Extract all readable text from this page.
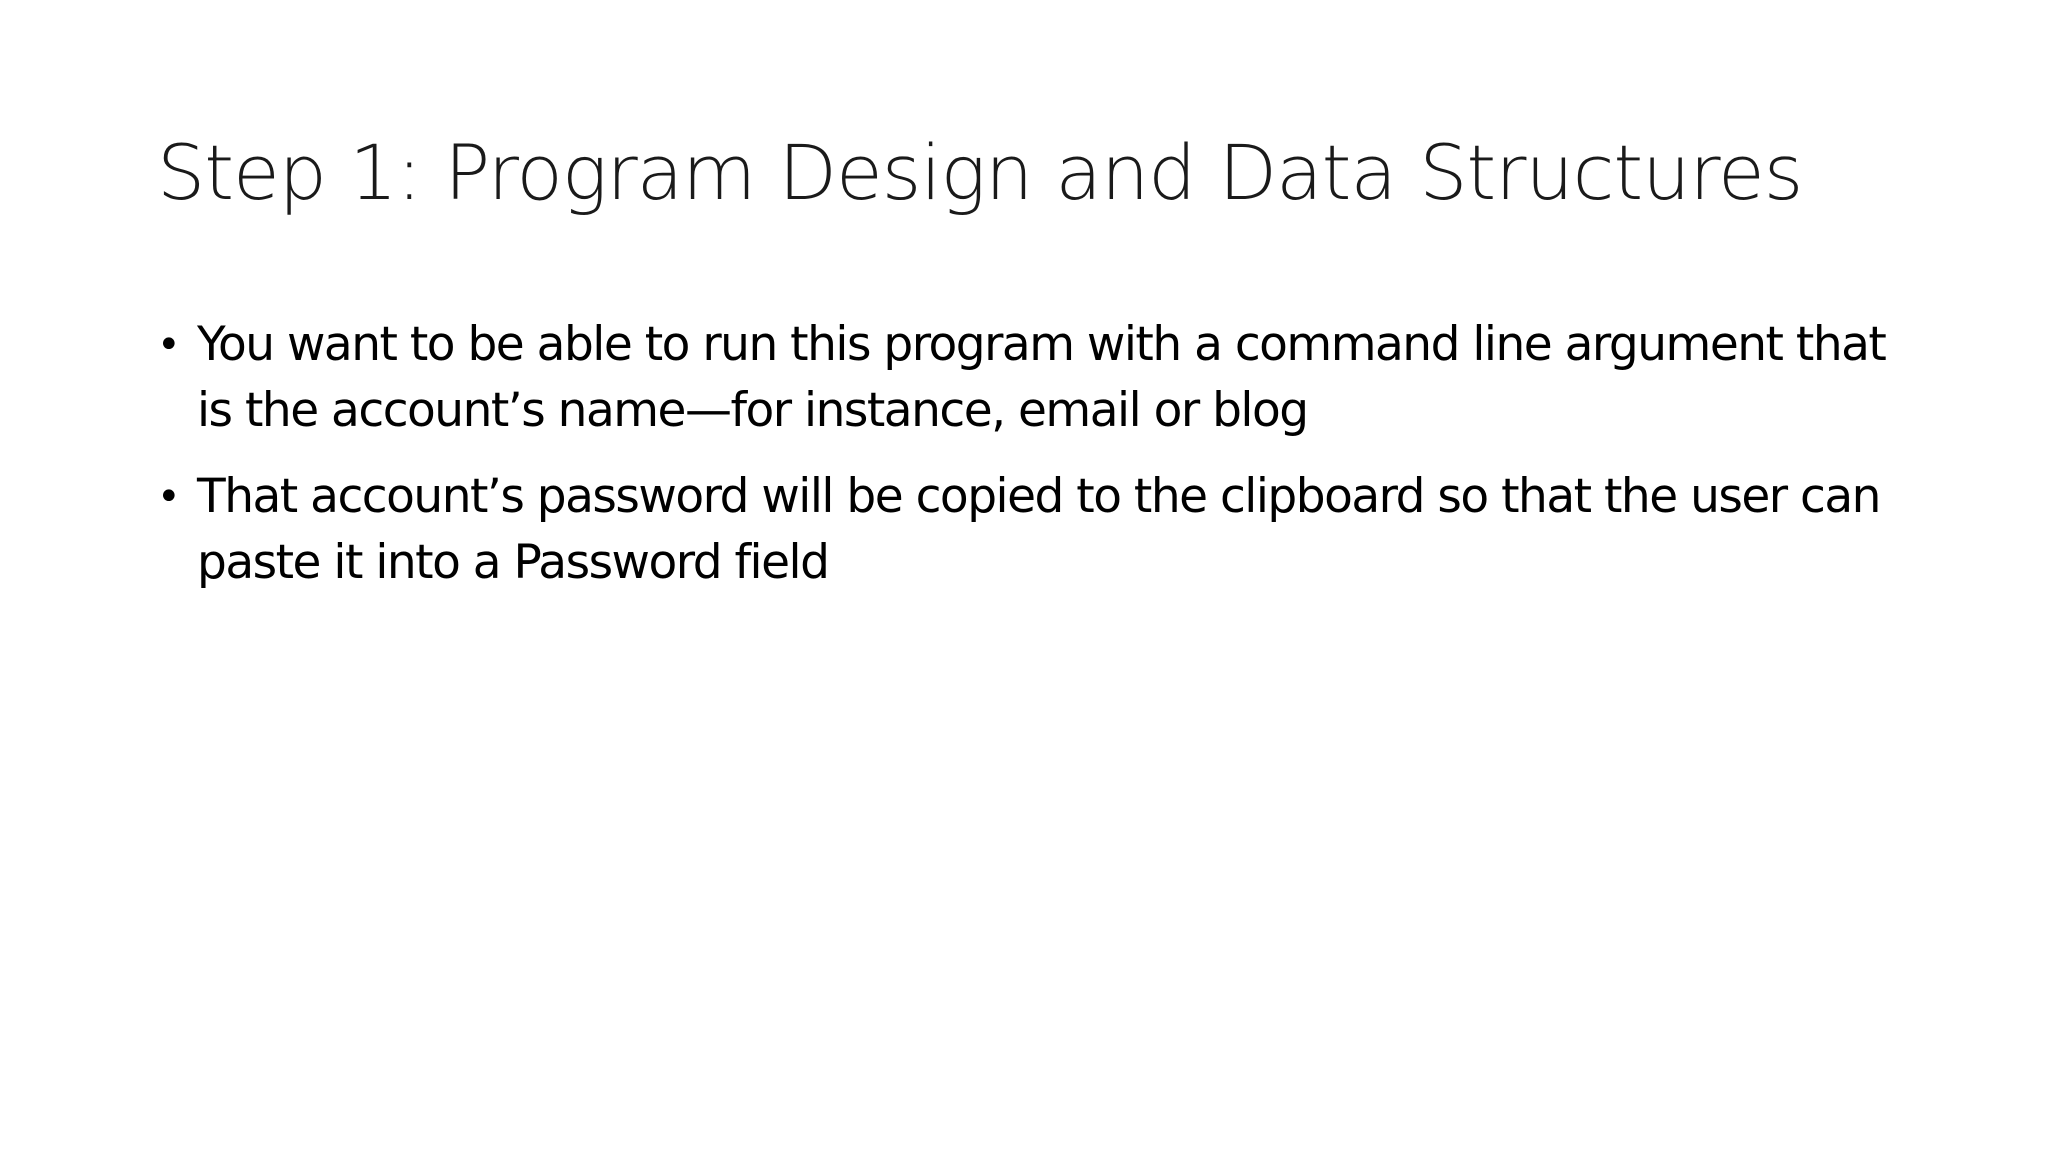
Step 1: Program Design and Data Structures
• You want to be able to run this program with a command line argument that is the account’s name—for instance, email or blog
• That account’s password will be copied to the clipboard so that the user can paste it into a Password field
